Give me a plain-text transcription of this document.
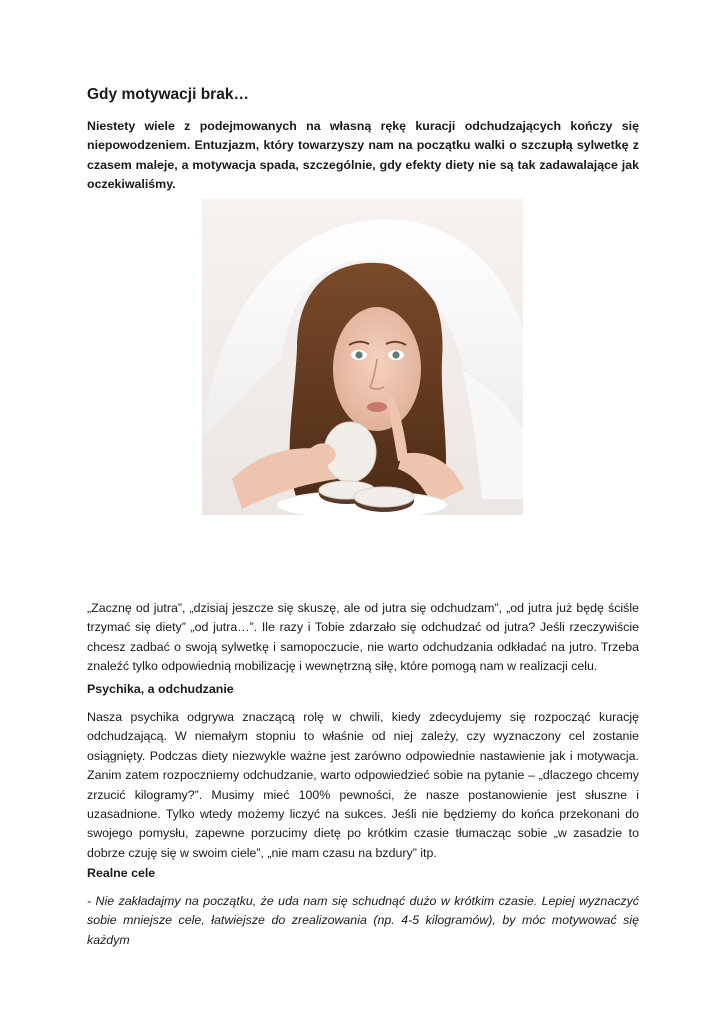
Gdy motywacji brak…

Niestety wiele z podejmowanych na własną rękę kuracji odchudzających kończy się niepowodzeniem. Entuzjazm, który towarzyszy nam na początku walki o szczupłą sylwetkę z czasem maleje, a motywacja spada, szczególnie, gdy efekty diety nie są tak zadawalające jak oczekiwaliśmy.

„Zacznę od jutra”, „dzisiaj jeszcze się skuszę, ale od jutra się odchudzam”, „od jutra już będę ściśle trzymać się diety” „od jutra…”. Ile razy i Tobie zdarzało się odchudzać od jutra? Jeśli rzeczywiście chcesz zadbać o swoją sylwetkę i samopoczucie, nie warto odchudzania odkładać na jutro. Trzeba znaleźć tylko odpowiednią mobilizację i wewnętrzną siłę, które pomogą nam w realizacji celu.

Psychika, a odchudzanie

Nasza psychika odgrywa znaczącą rolę w chwili, kiedy zdecydujemy się rozpocząć kurację odchudzającą. W niemałym stopniu to właśnie od niej zależy, czy wyznaczony cel zostanie osiągnięty. Podczas diety niezwykle ważne jest zarówno odpowiednie nastawienie jak i motywacja. Zanim zatem rozpoczniemy odchudzanie, warto odpowiedzieć sobie na pytanie – „dlaczego chcemy zrzucić kilogramy?”. Musimy mieć 100% pewności, że nasze postanowienie jest słuszne i uzasadnione. Tylko wtedy możemy liczyć na sukces. Jeśli nie będziemy do końca przekonani do swojego pomysłu, zapewne porzucimy dietę po krótkim czasie tłumacząc sobie „w zasadzie to dobrze czuję się w swoim ciele”, „nie mam czasu na bzdury” itp.

Realne cele

- Nie zakładajmy na początku, że uda nam się schudnąć dużo w krótkim czasie. Lepiej wyznaczyć sobie mniejsze cele, łatwiejsze do zrealizowania (np. 4-5 kilogramów), by móc motywować się każdym
